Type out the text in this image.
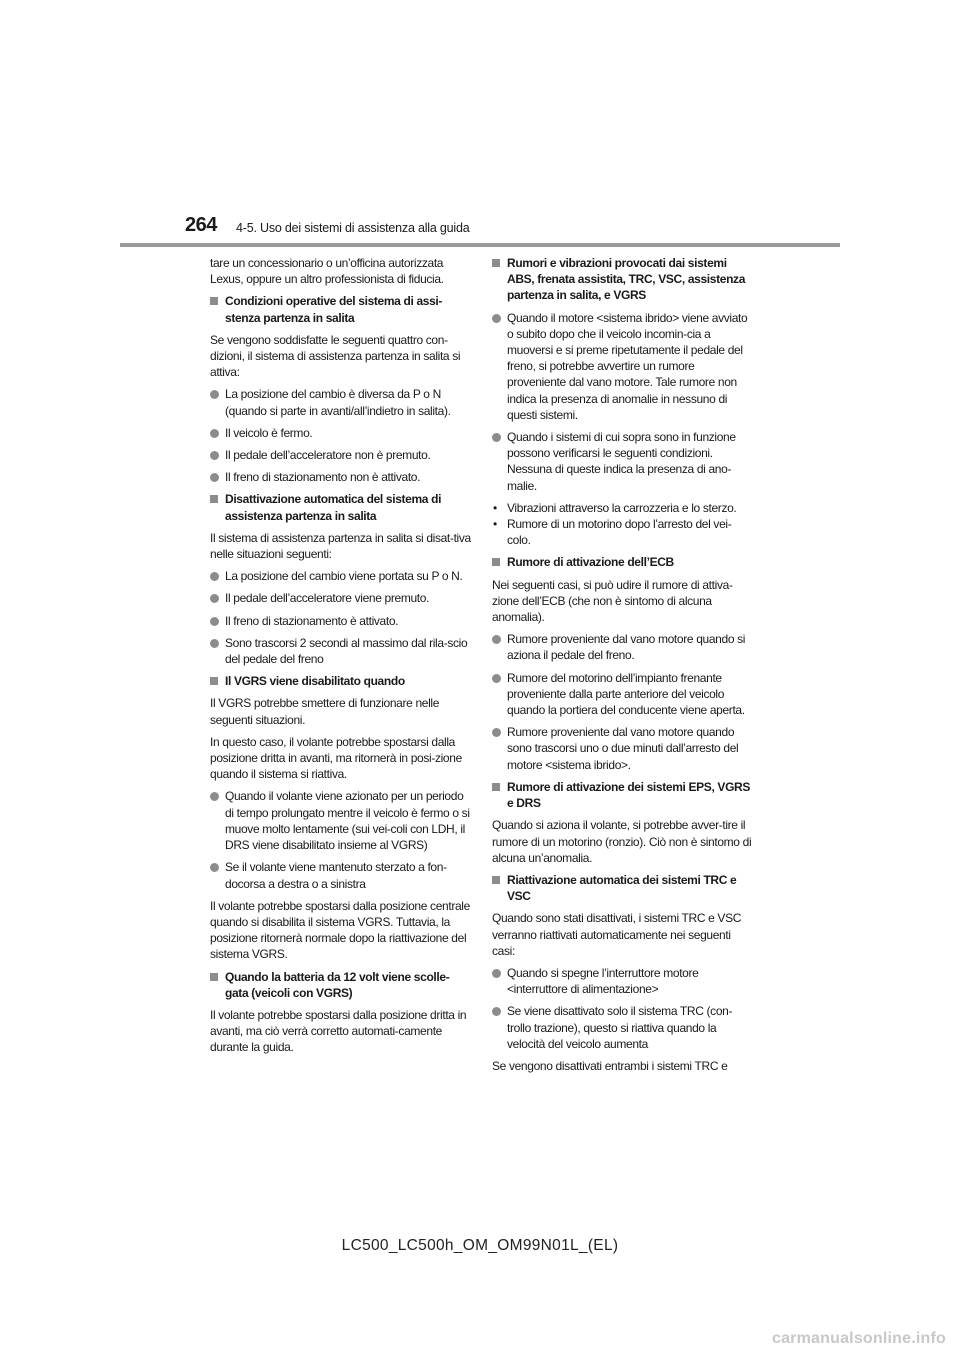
264 4-5. Uso dei sistemi di assistenza alla guida
tare un concessionario o un’officina autorizzata Lexus, oppure un altro professionista di fiducia.
Condizioni operative del sistema di assi-stenza partenza in salita
Se vengono soddisfatte le seguenti quattro con-dizioni, il sistema di assistenza partenza in salita si attiva:
La posizione del cambio è diversa da P o N (quando si parte in avanti/all’indietro in salita).
Il veicolo è fermo.
Il pedale dell’acceleratore non è premuto.
Il freno di stazionamento non è attivato.
Disattivazione automatica del sistema di assistenza partenza in salita
Il sistema di assistenza partenza in salita si disat-tiva nelle situazioni seguenti:
La posizione del cambio viene portata su P o N.
Il pedale dell’acceleratore viene premuto.
Il freno di stazionamento è attivato.
Sono trascorsi 2 secondi al massimo dal rila-scio del pedale del freno
Il VGRS viene disabilitato quando
Il VGRS potrebbe smettere di funzionare nelle seguenti situazioni.
In questo caso, il volante potrebbe spostarsi dalla posizione dritta in avanti, ma ritornerà in posi-zione quando il sistema si riattiva.
Quando il volante viene azionato per un periodo di tempo prolungato mentre il veicolo è fermo o si muove molto lentamente (sui vei-coli con LDH, il DRS viene disabilitato insieme al VGRS)
Se il volante viene mantenuto sterzato a fon-docorsa a destra o a sinistra
Il volante potrebbe spostarsi dalla posizione centrale quando si disabilita il sistema VGRS. Tuttavia, la posizione ritornerà normale dopo la riattivazione del sistema VGRS.
Quando la batteria da 12 volt viene scolle-gata (veicoli con VGRS)
Il volante potrebbe spostarsi dalla posizione dritta in avanti, ma ciò verrà corretto automati-camente durante la guida.
Rumori e vibrazioni provocati dai sistemi ABS, frenata assistita, TRC, VSC, assistenza partenza in salita, e VGRS
Quando il motore <sistema ibrido> viene avviato o subito dopo che il veicolo incomin-cia a muoversi e si preme ripetutamente il pedale del freno, si potrebbe avvertire un rumore proveniente dal vano motore. Tale rumore non indica la presenza di anomalie in nessuno di questi sistemi.
Quando i sistemi di cui sopra sono in funzione possono verificarsi le seguenti condizioni. Nessuna di queste indica la presenza di ano-malie.
• Vibrazioni attraverso la carrozzeria e lo sterzo.
• Rumore di un motorino dopo l’arresto del vei-colo.
Rumore di attivazione dell’ECB
Nei seguenti casi, si può udire il rumore di attiva-zione dell’ECB (che non è sintomo di alcuna anomalia).
Rumore proveniente dal vano motore quando si aziona il pedale del freno.
Rumore del motorino dell’impianto frenante proveniente dalla parte anteriore del veicolo quando la portiera del conducente viene aperta.
Rumore proveniente dal vano motore quando sono trascorsi uno o due minuti dall’arresto del motore <sistema ibrido>.
Rumore di attivazione dei sistemi EPS, VGRS e DRS
Quando si aziona il volante, si potrebbe avver-tire il rumore di un motorino (ronzio). Ciò non è sintomo di alcuna un’anomalia.
Riattivazione automatica dei sistemi TRC e VSC
Quando sono stati disattivati, i sistemi TRC e VSC verranno riattivati automaticamente nei seguenti casi:
Quando si spegne l’interruttore motore <interruttore di alimentazione>
Se viene disattivato solo il sistema TRC (con-trollo trazione), questo si riattiva quando la velocità del veicolo aumenta
Se vengono disattivati entrambi i sistemi TRC e
LC500_LC500h_OM_OM99N01L_(EL)
carmanualsonline.info
